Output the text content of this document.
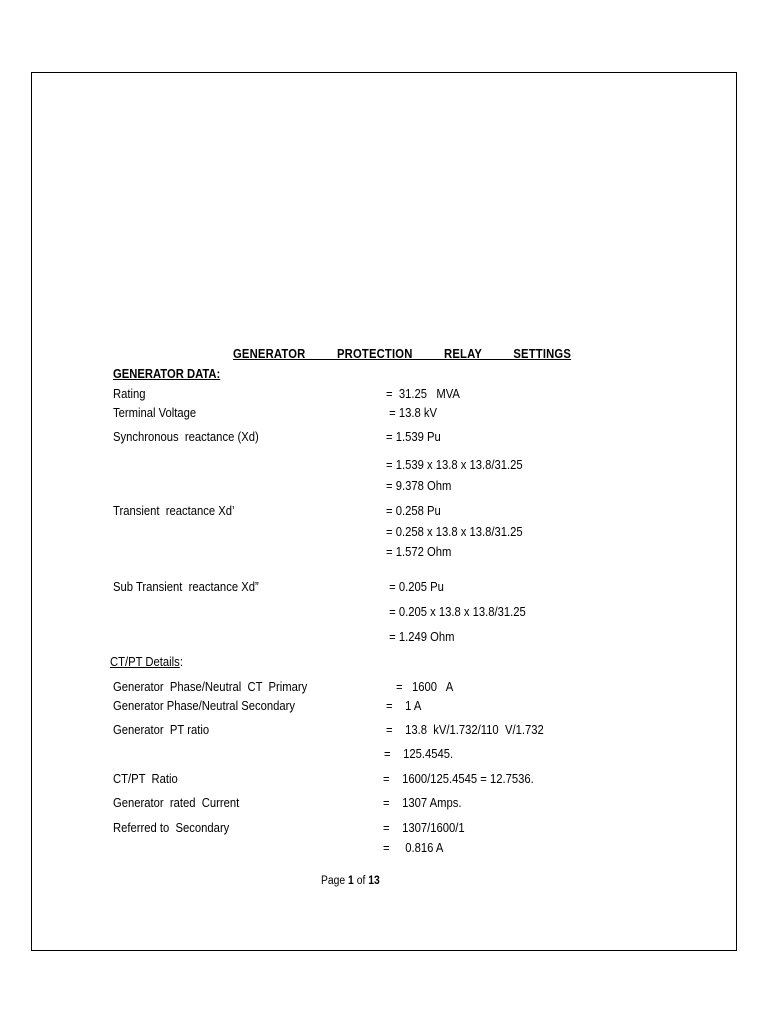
GENERATOR   PROTECTION   RELAY   SETTINGS
GENERATOR DATA:
Rating	=  31.25   MVA
Terminal Voltage	= 13.8 kV
Synchronous  reactance (Xd)	= 1.539 Pu
= 1.539 x 13.8 x 13.8/31.25
= 9.378 Ohm
Transient  reactance Xd’	= 0.258 Pu
= 0.258 x 13.8 x 13.8/31.25
= 1.572 Ohm
Sub Transient  reactance Xd”	= 0.205 Pu
= 0.205 x 13.8 x 13.8/31.25
= 1.249 Ohm
CT/PT Details:
Generator  Phase/Neutral  CT  Primary	=   1600   A
Generator Phase/Neutral Secondary	=    1 A
Generator  PT ratio	=    13.8  kV/1.732/110  V/1.732
=    125.4545.
CT/PT  Ratio	=    1600/125.4545 = 12.7536.
Generator  rated  Current	=    1307 Amps.
Referred to  Secondary	=    1307/1600/1
=     0.816 A
Page 1 of 13
